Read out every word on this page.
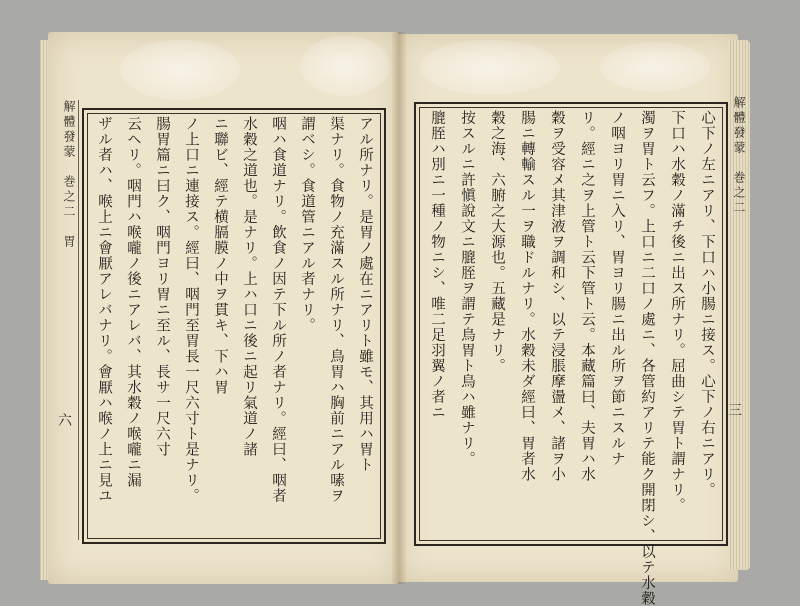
解體發蒙　巻之二　胃
六	アル所ナリ。是胃ノ處在ニアリト雖モ、其用ハ胃ト
渠ナリ。食物ノ充滿スル所ナリ、鳥胃ハ胸前ニアル嗉ヲ
謂ベシ。食道管ニアル者ナリ。
咽ハ食道ナリ。飲食ノ因テ下ル所ノ者ナリ。經曰、咽者
水穀之道也。是ナリ。上ハ口ニ後ニ起リ氣道ノ諸
ニ聯ビ、經テ横膈膜ノ中ヲ貫キ、下ハ胃
ノ上口ニ連接ス。經曰、咽門至胃長一尺六寸ト是ナリ。
腸胃篇ニ曰ク、咽門ヨリ胃ニ至ル、長サ一尺六寸
云ヘリ。咽門ハ喉嚨ノ後ニアレバ、其水穀ノ喉嚨ニ漏
ザル者ハ、喉上ニ會厭アレバナリ。會厭ハ喉ノ上ニ見ユ	解體發蒙　巻之二
三
心下ノ左ニアリ、下口ハ小腸ニ接ス。心下ノ右ニアリ。
下口ハ水穀ノ滿チ後ニ出ス所ナリ。屈曲シテ胃ト謂ナリ。
濁ヲ胃ト云フ。上口ニ二口ノ處ニ、各管約アリテ能ク開閉シ、以テ水穀
ノ咽ヨリ胃ニ入リ、胃ヨリ腸ニ出ル所ヲ節ニスルナ
リ。經ニ之ヲ上管ト云下管ト云。本藏篇曰、夫胃ハ水
穀ヲ受容メ其津液ヲ調和シ、以テ浸脹摩盪メ、諸ヲ小
腸ニ轉輸スル一ヲ職ドルナリ。水穀未ダ經曰、胃者水
穀之海、六腑之大源也。五藏是ナリ。
按スルニ許愼說文ニ膍胵ヲ謂テ鳥胃ト鳥ハ雖ナリ。
膍胵ハ別ニ一種ノ物ニシ、唯二足羽翼ノ者ニ
